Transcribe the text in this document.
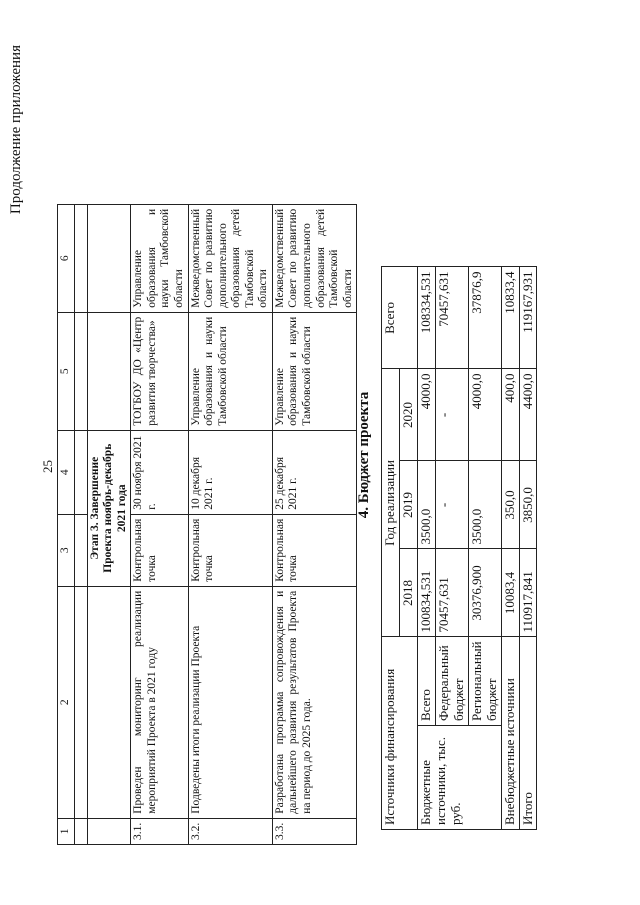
Продолжение приложения
25
1	2	3	4	5	6

		Этап 3. Завершение Проекта ноябрь-декабрь 2021 года			
3.1.	Проведен мониторинг реализации мероприятий Проекта в 2021 году	Контрольная точка	30 ноября 2021 г.	ТОГБОУ ДО «Центр развития творчества»	Управление образования и науки Тамбовской области
3.2.	Подведены итоги реализации Проекта	Контрольная точка	10 декабря 2021 г.	Управление образования и науки Тамбовской области	Межведомственный Совет по развитию дополнительного образования детей Тамбовской области
3.3.	Разработана программа сопровождения и дальнейшего развития результатов Проекта на период до 2025 года.	Контрольная точка	25 декабря 2021 г.	Управление образования и науки Тамбовской области	Межведомственный Совет по развитию дополнительного образования детей Тамбовской области
4. Бюджет проекта
Источники финансирования		Год реализации			Всего
		2018	2019	2020	
Бюджетные источники, тыс. руб.	Всего	100834,531	3500,0	4000,0	108334,531
	Федеральный бюджет	70457,631	-	-	70457,631
	Региональный бюджет	30376,900	3500,0	4000,0	37876,9
Внебюджетные источники		10083,4	350,0	400,0	10833,4
Итого		110917,841	3850,0	4400,0	119167,931
